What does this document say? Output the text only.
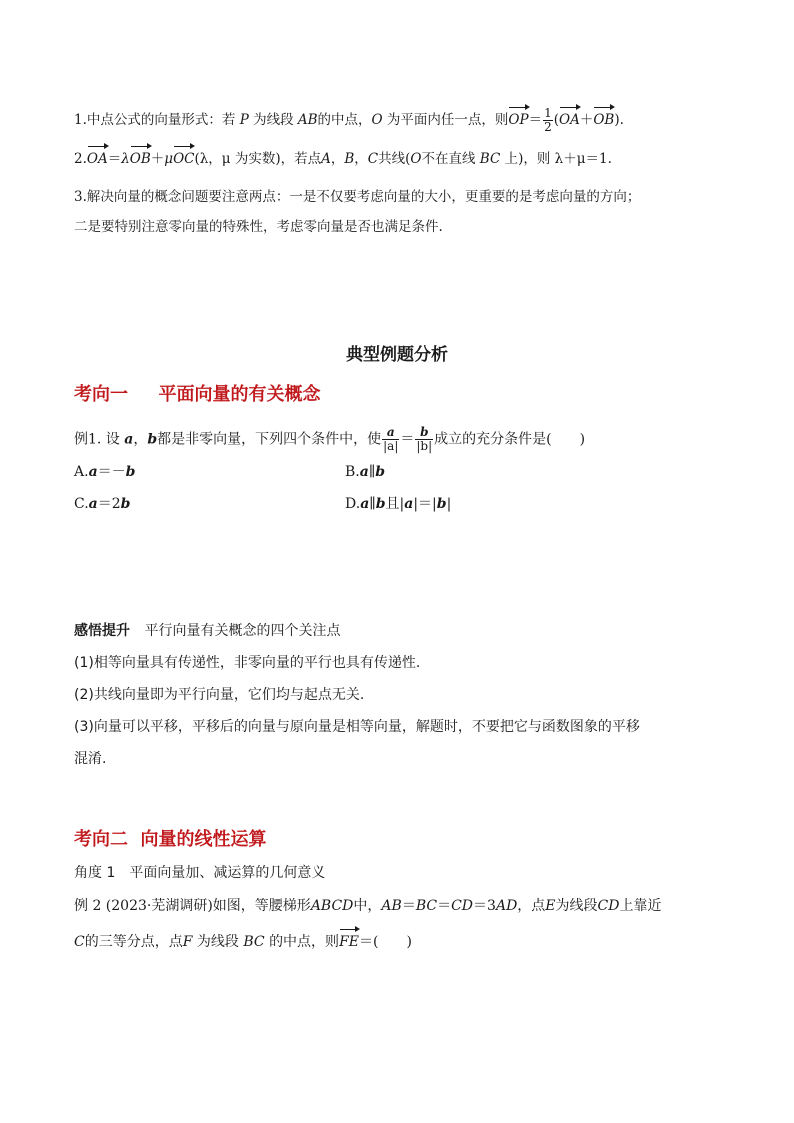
1.中点公式的向量形式：若 P 为线段 AB的中点，O 为平面内任一点，则$OP= \frac{1}{2} (OA+OB)$.
2.OA＝λOB＋μOC(λ，μ 为实数)，若点A，B，C共线(O不在直线 BC 上)，则 λ＋μ＝1.
3.解决向量的概念问题要注意两点：一是不仅要考虑向量的大小，更重要的是考虑向量的方向；
二是要特别注意零向量的特殊性，考虑零向量是否也满足条件.
典型例题分析
考向一　  平面向量的有关概念
例1. 设 a，b都是非零向量，下列四个条件中，使 $\frac{a}{|a|} = \frac{b}{|b|}$ 成立的充分条件是(　　)
A.a＝－b	B.a∥b
C.a＝2b	D.a∥b且|a|＝|b|
感悟提升 平行向量有关概念的四个关注点
(1)相等向量具有传递性，非零向量的平行也具有传递性.
(2)共线向量即为平行向量，它们均与起点无关.
(3)向量可以平移，平移后的向量与原向量是相等向量，解题时，不要把它与函数图象的平移
混淆.
考向二  向量的线性运算
角度 1　平面向量加、减运算的几何意义
例 2 (2023·芜湖调研)如图，等腰梯形ABCD中，AB＝BC＝CD＝3AD，点E为线段CD上靠近
C的三等分点，点F 为线段 BC 的中点，则FE＝(　　)
